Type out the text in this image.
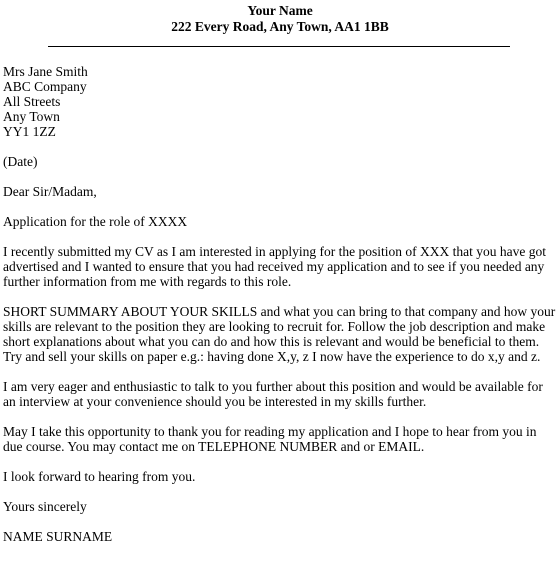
Your Name
222 Every Road, Any Town, AA1 1BB
Mrs Jane Smith
ABC Company
All Streets
Any Town
YY1 1ZZ
(Date)
Dear Sir/Madam,
Application for the role of XXXX
I recently submitted my CV as I am interested in applying for the position of XXX that you have got
advertised and I wanted to ensure that you had received my application and to see if you needed any
further information from me with regards to this role.
SHORT SUMMARY ABOUT YOUR SKILLS and what you can bring to that company and how your
skills are relevant to the position they are looking to recruit for. Follow the job description and make
short explanations about what you can do and how this is relevant and would be beneficial to them.
Try and sell your skills on paper e.g.: having done X,y, z I now have the experience to do x,y and z.
I am very eager and enthusiastic to talk to you further about this position and would be available for
an interview at your convenience should you be interested in my skills further.
May I take this opportunity to thank you for reading my application and I hope to hear from you in
due course. You may contact me on TELEPHONE NUMBER and or EMAIL.
I look forward to hearing from you.
Yours sincerely
NAME SURNAME
